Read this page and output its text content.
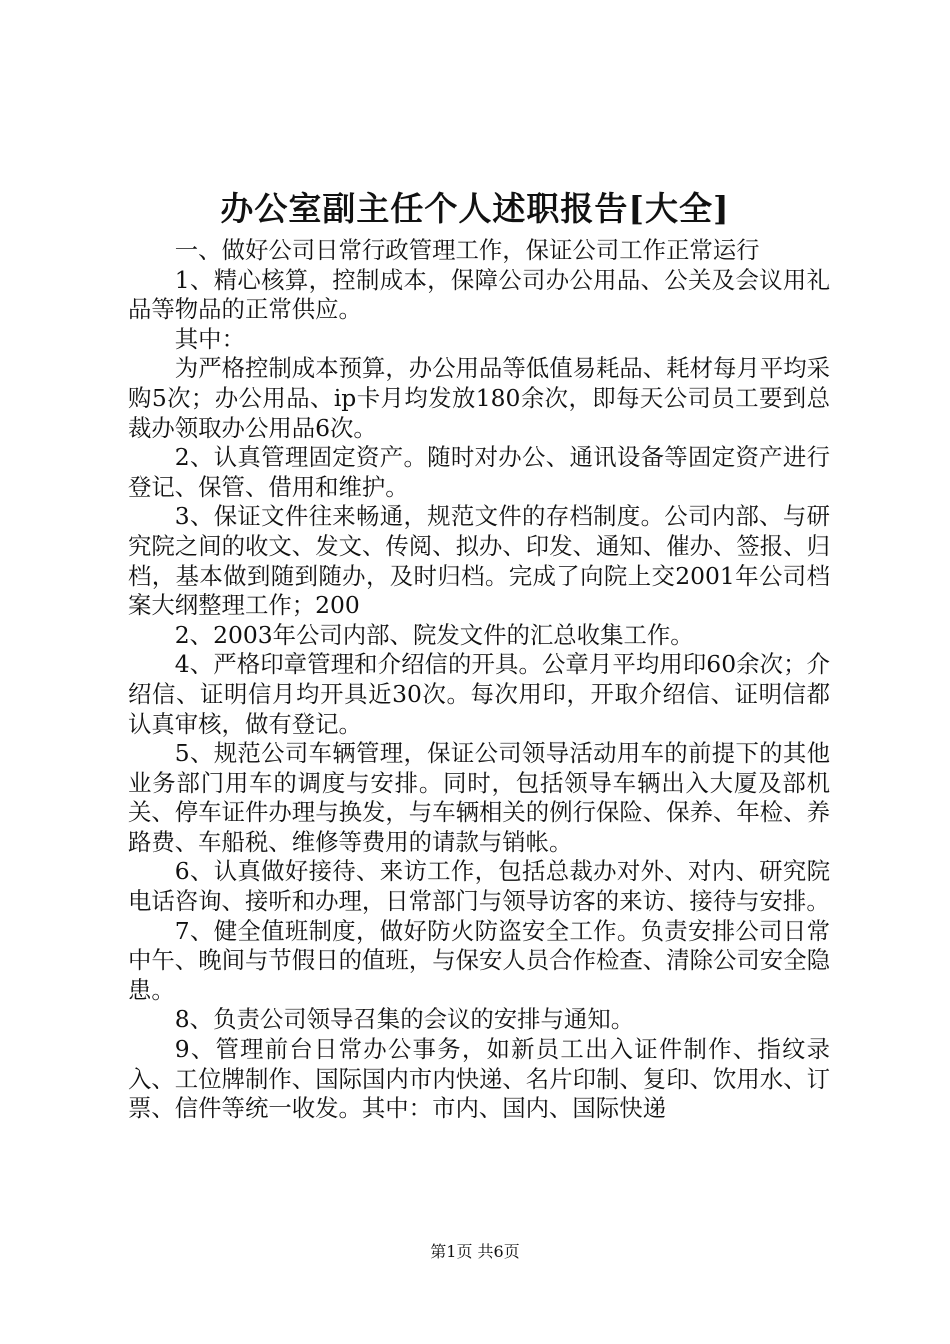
办公室副主任个人述职报告[大全]

一、做好公司日常行政管理工作，保证公司工作正常运行

1、精心核算，控制成本，保障公司办公用品、公关及会议用礼品等物品的正常供应。

其中：

为严格控制成本预算，办公用品等低值易耗品、耗材每月平均采购5次；办公用品、ip卡月均发放180余次，即每天公司员工要到总裁办领取办公用品6次。

2、认真管理固定资产。随时对办公、通讯设备等固定资产进行登记、保管、借用和维护。

3、保证文件往来畅通，规范文件的存档制度。公司内部、与研究院之间的收文、发文、传阅、拟办、印发、通知、催办、签报、归档，基本做到随到随办，及时归档。完成了向院上交2001年公司档案大纲整理工作；200

2、2003年公司内部、院发文件的汇总收集工作。

4、严格印章管理和介绍信的开具。公章月平均用印60余次；介绍信、证明信月均开具近30次。每次用印，开取介绍信、证明信都认真审核，做有登记。

5、规范公司车辆管理，保证公司领导活动用车的前提下的其他业务部门用车的调度与安排。同时，包括领导车辆出入大厦及部机关、停车证件办理与换发，与车辆相关的例行保险、保养、年检、养路费、车船税、维修等费用的请款与销帐。

6、认真做好接待、来访工作，包括总裁办对外、对内、研究院电话咨询、接听和办理，日常部门与领导访客的来访、接待与安排。

7、健全值班制度，做好防火防盗安全工作。负责安排公司日常中午、晚间与节假日的值班，与保安人员合作检查、清除公司安全隐患。

8、负责公司领导召集的会议的安排与通知。

9、管理前台日常办公事务，如新员工出入证件制作、指纹录入、工位牌制作、国际国内市内快递、名片印制、复印、饮用水、订票、信件等统一收发。其中：市内、国内、国际快递

第1页 共6页
